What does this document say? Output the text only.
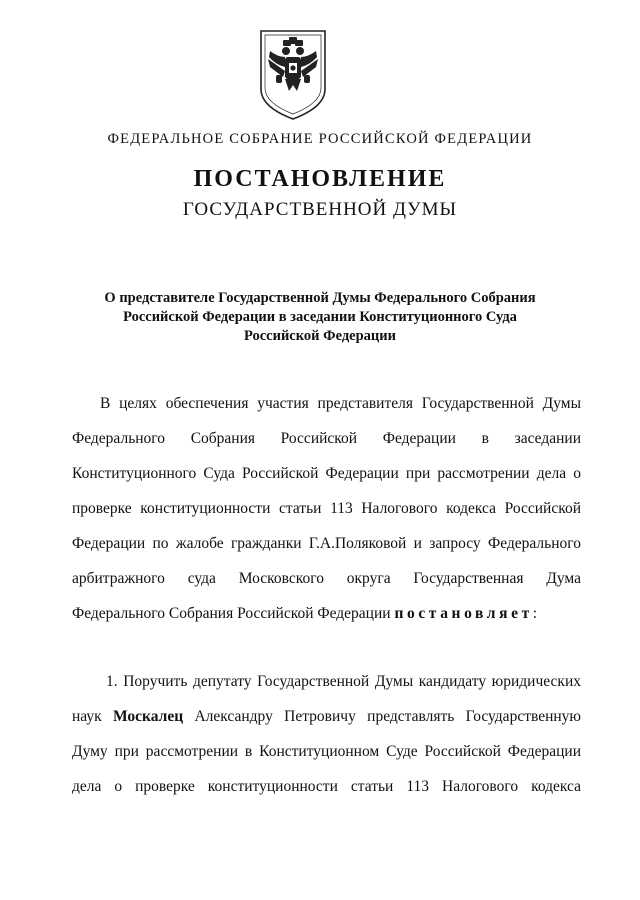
ФЕДЕРАЛЬНОЕ СОБРАНИЕ РОССИЙСКОЙ ФЕДЕРАЦИИ
ПОСТАНОВЛЕНИЕ
ГОСУДАРСТВЕННОЙ ДУМЫ
О представителе Государственной Думы Федерального Собрания
Российской Федерации в заседании Конституционного Суда
Российской Федерации
В целях обеспечения участия представителя Государственной Думы Федерального Собрания Российской Федерации в заседании Конституционного Суда Российской Федерации при рассмотрении дела о проверке конституционности статьи 113 Налогового кодекса Российской Федерации по жалобе гражданки Г.А.Поляковой и запросу Федерального арбитражного суда Московского округа Государственная Дума Федерального Собрания Российской Федерации постановляет:
1. Поручить депутату Государственной Думы кандидату юридических наук Москалец Александру Петровичу представлять Государственную Думу при рассмотрении в Конституционном Суде Российской Федерации дела о проверке конституционности статьи 113 Налогового кодекса
